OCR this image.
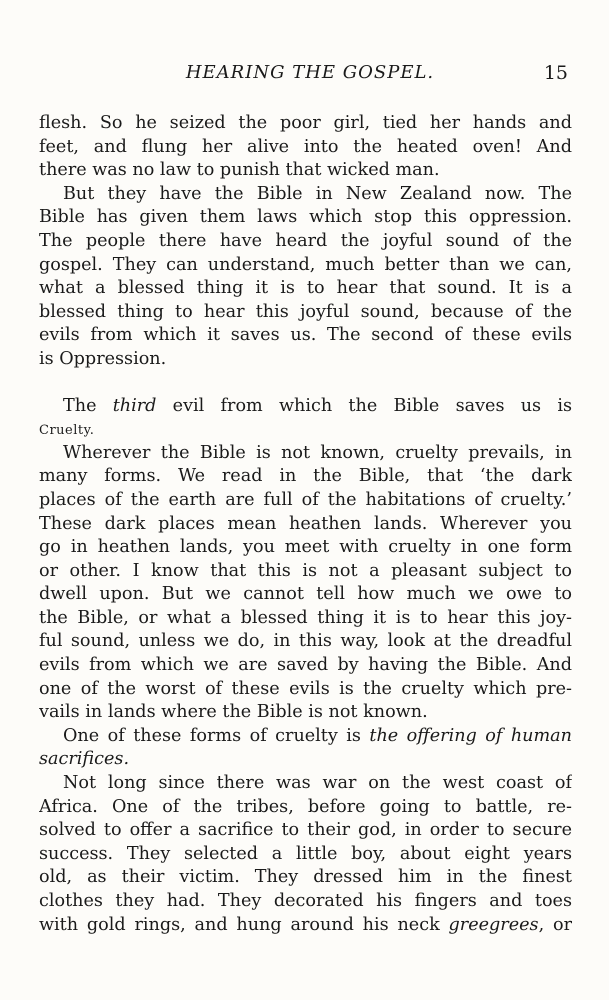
HEARING THE GOSPEL.	15
flesh. So he seized the poor girl, tied her hands and
feet, and flung her alive into the heated oven! And
there was no law to punish that wicked man.
But they have the Bible in New Zealand now. The
Bible has given them laws which stop this oppression.
The people there have heard the joyful sound of the
gospel. They can understand, much better than we can,
what a blessed thing it is to hear that sound. It is a
blessed thing to hear this joyful sound, because of the
evils from which it saves us. The second of these evils
is Oppression.
The third evil from which the Bible saves us is
Cruelty.
Wherever the Bible is not known, cruelty prevails, in
many forms. We read in the Bible, that ‘the dark
places of the earth are full of the habitations of cruelty.’
These dark places mean heathen lands. Wherever you
go in heathen lands, you meet with cruelty in one form
or other. I know that this is not a pleasant subject to
dwell upon. But we cannot tell how much we owe to
the Bible, or what a blessed thing it is to hear this joy-
ful sound, unless we do, in this way, look at the dreadful
evils from which we are saved by having the Bible. And
one of the worst of these evils is the cruelty which pre-
vails in lands where the Bible is not known.
One of these forms of cruelty is the offering of human
sacrifices.
Not long since there was war on the west coast of
Africa. One of the tribes, before going to battle, re-
solved to offer a sacrifice to their god, in order to secure
success. They selected a little boy, about eight years
old, as their victim. They dressed him in the finest
clothes they had. They decorated his fingers and toes
with gold rings, and hung around his neck greegrees, or
